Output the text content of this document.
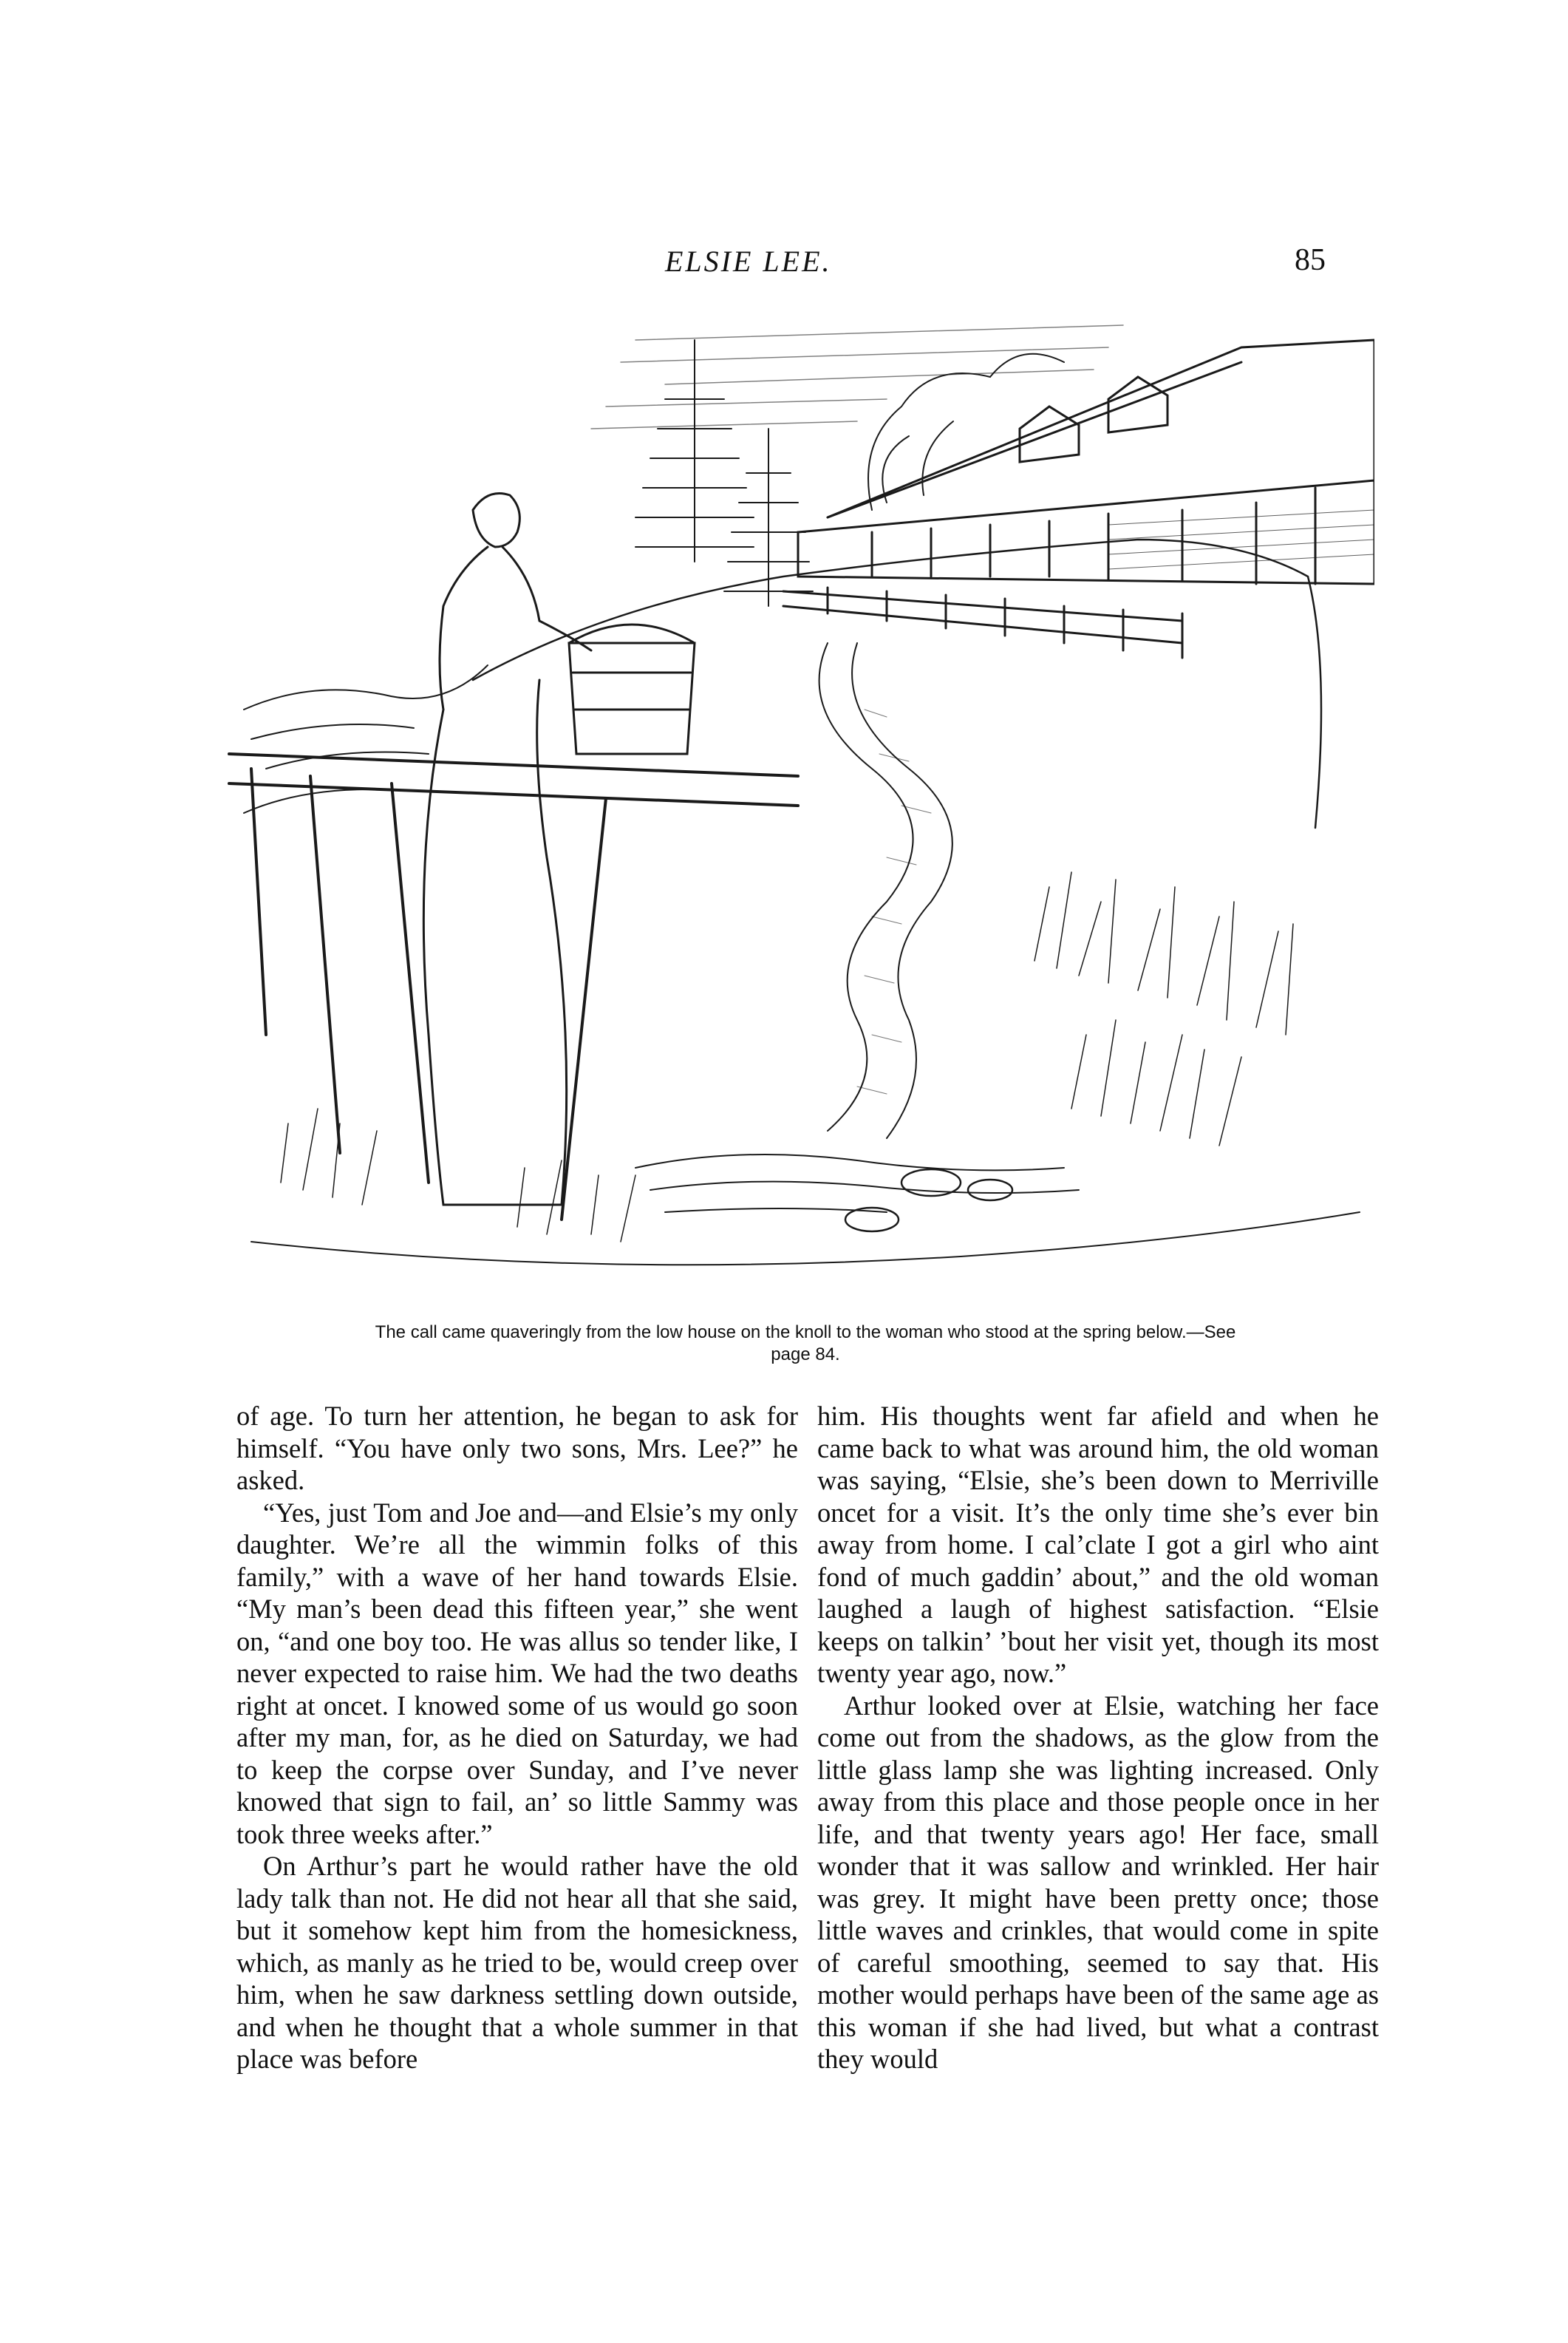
ELSIE LEE.	85
The call came quaveringly from the low house on the knoll to the woman who stood at the spring below.—See page 84.

of age. To turn her attention, he began to ask for himself. “You have only two sons, Mrs. Lee?” he asked.

“Yes, just Tom and Joe and—and Elsie’s my only daughter. We’re all the wimmin folks of this family,” with a wave of her hand towards Elsie. “My man’s been dead this fifteen year,” she went on, “and one boy too. He was allus so tender like, I never expected to raise him. We had the two deaths right at oncet. I knowed some of us would go soon after my man, for, as he died on Saturday, we had to keep the corpse over Sunday, and I’ve never knowed that sign to fail, an’ so little Sammy was took three weeks after.”

On Arthur’s part he would rather have the old lady talk than not. He did not hear all that she said, but it somehow kept him from the homesickness, which, as manly as he tried to be, would creep over him, when he saw darkness settling down outside, and when he thought that a whole summer in that place was before

him. His thoughts went far afield and when he came back to what was around him, the old woman was saying, “Elsie, she’s been down to Merriville oncet for a visit. It’s the only time she’s ever bin away from home. I cal’clate I got a girl who aint fond of much gaddin’ about,” and the old woman laughed a laugh of highest satisfaction. “Elsie keeps on talkin’ ’bout her visit yet, though its most twenty year ago, now.”

Arthur looked over at Elsie, watching her face come out from the shadows, as the glow from the little glass lamp she was lighting increased. Only away from this place and those people once in her life, and that twenty years ago! Her face, small wonder that it was sallow and wrinkled. Her hair was grey. It might have been pretty once; those little waves and crinkles, that would come in spite of careful smoothing, seemed to say that. His mother would perhaps have been of the same age as this woman if she had lived, but what a contrast they would
